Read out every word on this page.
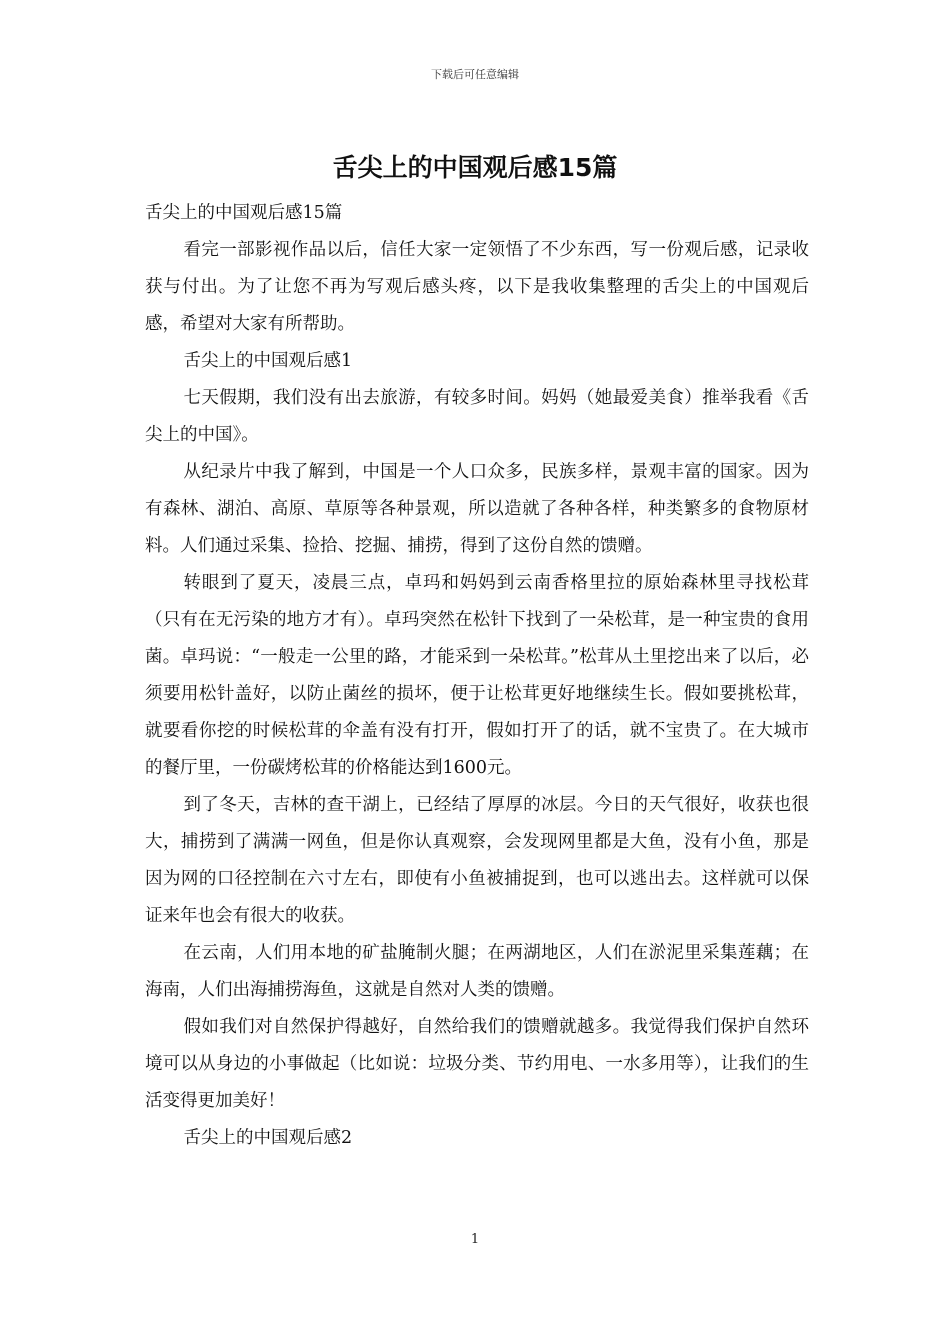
下载后可任意编辑
舌尖上的中国观后感15篇

舌尖上的中国观后感15篇

看完一部影视作品以后，信任大家一定领悟了不少东西，写一份观后感，记录收获与付出。为了让您不再为写观后感头疼，以下是我收集整理的舌尖上的中国观后感，希望对大家有所帮助。

舌尖上的中国观后感1

七天假期，我们没有出去旅游，有较多时间。妈妈（她最爱美食）推举我看《舌尖上的中国》。

从纪录片中我了解到，中国是一个人口众多，民族多样，景观丰富的国家。因为有森林、湖泊、高原、草原等各种景观，所以造就了各种各样，种类繁多的食物原材料。人们通过采集、捡拾、挖掘、捕捞，得到了这份自然的馈赠。

转眼到了夏天，凌晨三点，卓玛和妈妈到云南香格里拉的原始森林里寻找松茸（只有在无污染的地方才有）。卓玛突然在松针下找到了一朵松茸，是一种宝贵的食用菌。卓玛说：“一般走一公里的路，才能采到一朵松茸。”松茸从土里挖出来了以后，必须要用松针盖好，以防止菌丝的损坏，便于让松茸更好地继续生长。假如要挑松茸，就要看你挖的时候松茸的伞盖有没有打开，假如打开了的话，就不宝贵了。在大城市的餐厅里，一份碳烤松茸的价格能达到1600元。

到了冬天，吉林的查干湖上，已经结了厚厚的冰层。今日的天气很好，收获也很大，捕捞到了满满一网鱼，但是你认真观察，会发现网里都是大鱼，没有小鱼，那是因为网的口径控制在六寸左右，即使有小鱼被捕捉到，也可以逃出去。这样就可以保证来年也会有很大的收获。

在云南，人们用本地的矿盐腌制火腿；在两湖地区，人们在淤泥里采集莲藕；在海南，人们出海捕捞海鱼，这就是自然对人类的馈赠。

假如我们对自然保护得越好，自然给我们的馈赠就越多。我觉得我们保护自然环境可以从身边的小事做起（比如说：垃圾分类、节约用电、一水多用等），让我们的生活变得更加美好！

舌尖上的中国观后感2

1
